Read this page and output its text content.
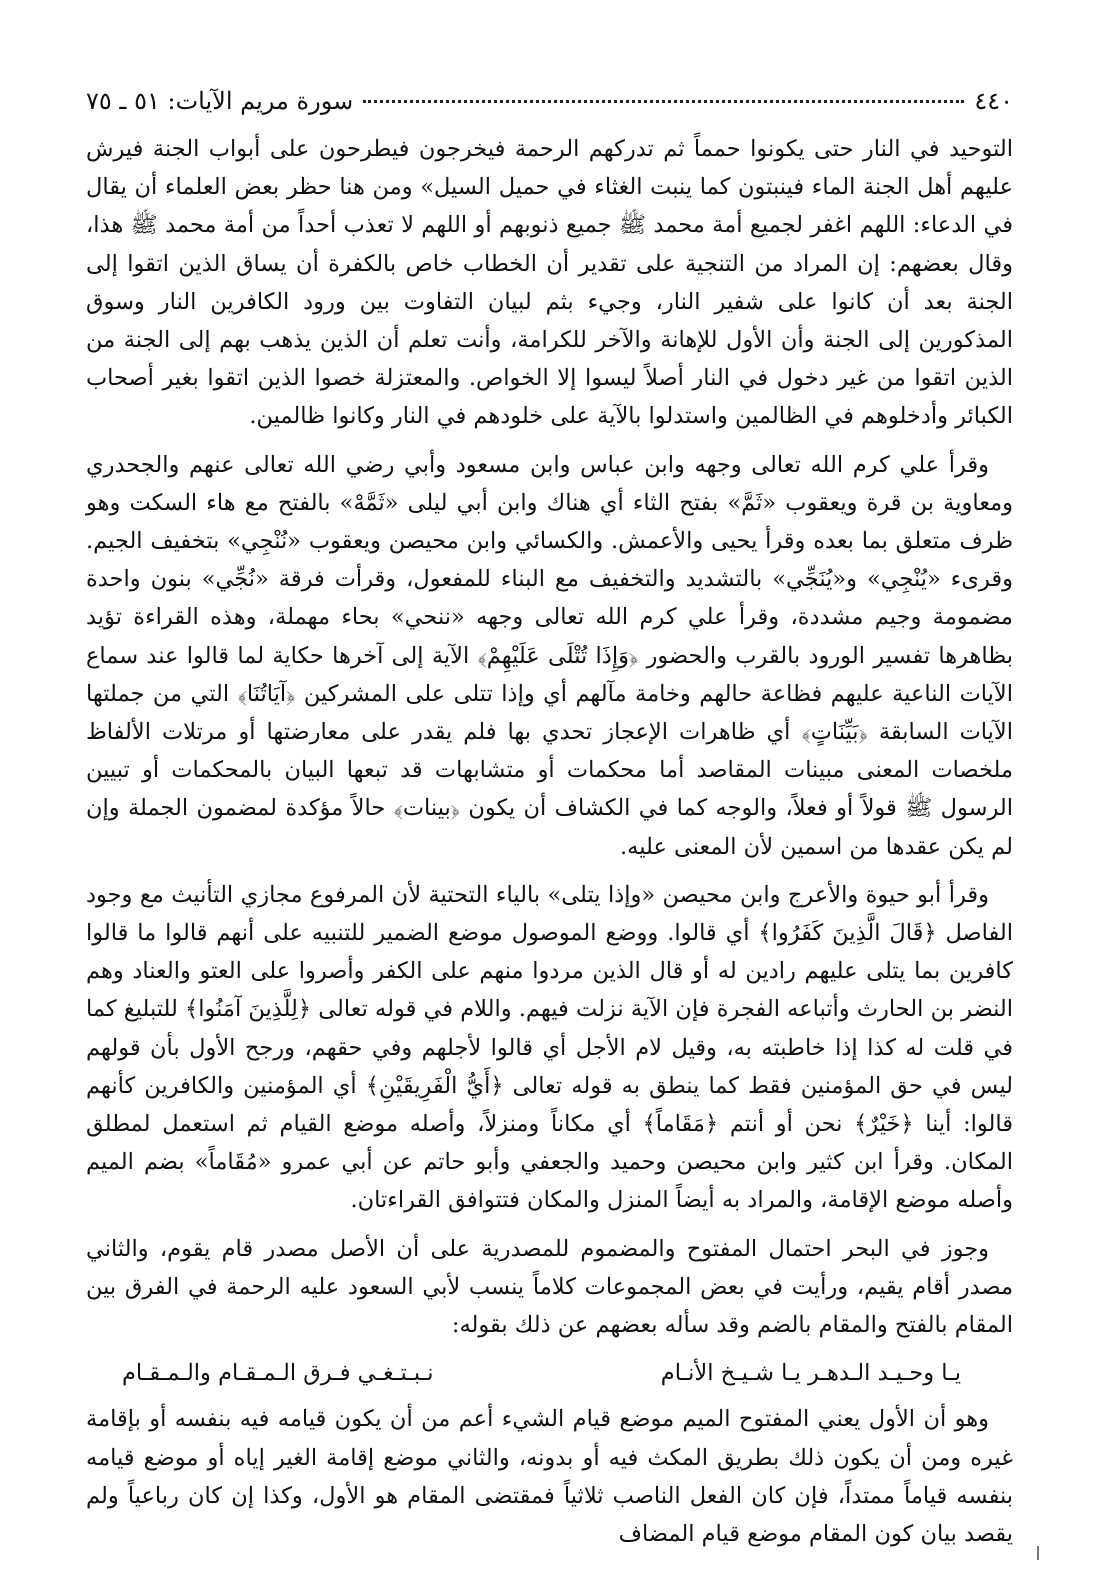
٤٤٠
سورة مريم الآيات: ٥١ ـ ٧٥

التوحيد في النار حتى يكونوا حمماً ثم تدركهم الرحمة فيخرجون فيطرحون على أبواب الجنة فيرش عليهم أهل الجنة الماء فينبتون كما ينبت الغثاء في حميل السيل» ومن هنا حظر بعض العلماء أن يقال في الدعاء: اللهم اغفر لجميع أمة محمد ﷺ جميع ذنوبهم أو اللهم لا تعذب أحداً من أمة محمد ﷺ هذا، وقال بعضهم: إن المراد من التنجية على تقدير أن الخطاب خاص بالكفرة أن يساق الذين اتقوا إلى الجنة بعد أن كانوا على شفير النار، وجيء بثم لبيان التفاوت بين ورود الكافرين النار وسوق المذكورين إلى الجنة وأن الأول للإهانة والآخر للكرامة، وأنت تعلم أن الذين يذهب بهم إلى الجنة من الذين اتقوا من غير دخول في النار أصلاً ليسوا إلا الخواص. والمعتزلة خصوا الذين اتقوا بغير أصحاب الكبائر وأدخلوهم في الظالمين واستدلوا بالآية على خلودهم في النار وكانوا ظالمين.

وقرأ علي كرم الله تعالى وجهه وابن عباس وابن مسعود وأبي رضي الله تعالى عنهم والجحدري ومعاوية بن قرة ويعقوب «ثَمَّ» بفتح الثاء أي هناك وابن أبي ليلى «ثَمَّهْ» بالفتح مع هاء السكت وهو ظرف متعلق بما بعده وقرأ يحيى والأعمش. والكسائي وابن محيصن ويعقوب «نُنْجِي» بتخفيف الجيم. وقرىء «يُنْجِي» و«يُنَجِّي» بالتشديد والتخفيف مع البناء للمفعول، وقرأت فرقة «نُجِّي» بنون واحدة مضمومة وجيم مشددة، وقرأ علي كرم الله تعالى وجهه «ننحي» بحاء مهملة، وهذه القراءة تؤيد بظاهرها تفسير الورود بالقرب والحضور ﴿وَإِذَا تُتْلَى عَلَيْهِمْ﴾ الآية إلى آخرها حكاية لما قالوا عند سماع الآيات الناعية عليهم فظاعة حالهم وخامة مآلهم أي وإذا تتلى على المشركين ﴿آيَاتُنَا﴾ التي من جملتها الآيات السابقة ﴿بَيِّنَاتٍ﴾ أي ظاهرات الإعجاز تحدي بها فلم يقدر على معارضتها أو مرتلات الألفاظ ملخصات المعنى مبينات المقاصد أما محكمات أو متشابهات قد تبعها البيان بالمحكمات أو تبيين الرسول ﷺ قولاً أو فعلاً، والوجه كما في الكشاف أن يكون ﴿بينات﴾ حالاً مؤكدة لمضمون الجملة وإن لم يكن عقدها من اسمين لأن المعنى عليه.

وقرأ أبو حيوة والأعرج وابن محيصن «وإذا يتلى» بالياء التحتية لأن المرفوع مجازي التأنيث مع وجود الفاصل ﴿قَالَ الَّذِينَ كَفَرُوا﴾ أي قالوا. ووضع الموصول موضع الضمير للتنبيه على أنهم قالوا ما قالوا كافرين بما يتلى عليهم رادين له أو قال الذين مردوا منهم على الكفر وأصروا على العتو والعناد وهم النضر بن الحارث وأتباعه الفجرة فإن الآية نزلت فيهم. واللام في قوله تعالى ﴿لِلَّذِينَ آمَنُوا﴾ للتبليغ كما في قلت له كذا إذا خاطبته به، وقيل لام الأجل أي قالوا لأجلهم وفي حقهم، ورجح الأول بأن قولهم ليس في حق المؤمنين فقط كما ينطق به قوله تعالى ﴿أَيُّ الْفَرِيقَيْنِ﴾ أي المؤمنين والكافرين كأنهم قالوا: أينا ﴿خَيْرٌ﴾ نحن أو أنتم ﴿مَقَاماً﴾ أي مكاناً ومنزلاً، وأصله موضع القيام ثم استعمل لمطلق المكان. وقرأ ابن كثير وابن محيصن وحميد والجعفي وأبو حاتم عن أبي عمرو «مُقَاماً» بضم الميم وأصله موضع الإقامة، والمراد به أيضاً المنزل والمكان فتتوافق القراءتان.

وجوز في البحر احتمال المفتوح والمضموم للمصدرية على أن الأصل مصدر قام يقوم، والثاني مصدر أقام يقيم، ورأيت في بعض المجموعات كلاماً ينسب لأبي السعود عليه الرحمة في الفرق بين المقام بالفتح والمقام بالضم وقد سأله بعضهم عن ذلك بقوله:

يـا وحـيـد الـدهـر يـا شـيـخ الأنـام
نـبـتـغـي فـرق الـمـقـام والـمـقـام

وهو أن الأول يعني المفتوح الميم موضع قيام الشيء أعم من أن يكون قيامه فيه بنفسه أو بإقامة غيره ومن أن يكون ذلك بطريق المكث فيه أو بدونه، والثاني موضع إقامة الغير إياه أو موضع قيامه بنفسه قياماً ممتداً، فإن كان الفعل الناصب ثلاثياً فمقتضى المقام هو الأول، وكذا إن كان رباعياً ولم يقصد بيان كون المقام موضع قيام المضاف
